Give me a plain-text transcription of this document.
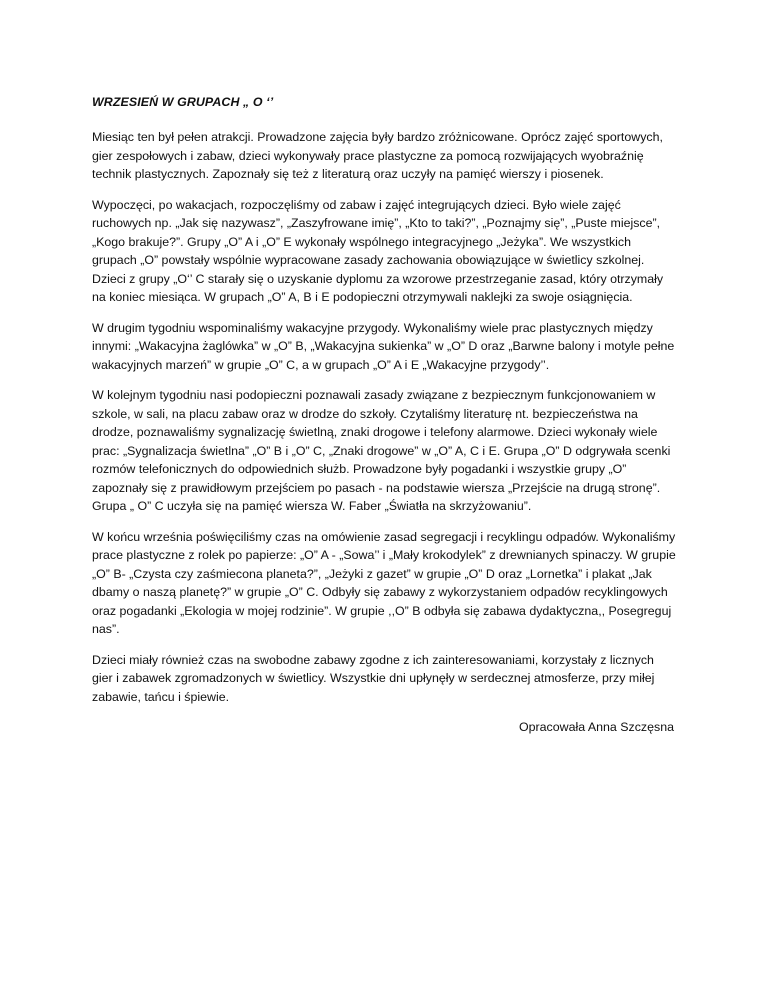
WRZESIEŃ W GRUPACH „ O ‘’

Miesiąc ten był pełen atrakcji. Prowadzone zajęcia były bardzo zróżnicowane. Oprócz zajęć sportowych, gier zespołowych i zabaw, dzieci wykonywały prace plastyczne za pomocą rozwijających wyobraźnię technik plastycznych. Zapoznały się też z literaturą oraz uczyły na pamięć wierszy i piosenek.

Wypoczęci, po wakacjach, rozpoczęliśmy od zabaw i zajęć integrujących dzieci. Było wiele zajęć ruchowych np. „Jak się nazywasz”, „Zaszyfrowane imię”, „Kto to taki?”, „Poznajmy się”, „Puste miejsce”, „Kogo brakuje?”. Grupy „O” A i „O” E wykonały wspólnego integracyjnego „Jeżyka”. We wszystkich grupach „O” powstały wspólnie wypracowane zasady zachowania obowiązujące w świetlicy szkolnej. Dzieci z grupy „O‘’ C starały się o uzyskanie dyplomu za wzorowe przestrzeganie zasad, który otrzymały na koniec miesiąca. W grupach „O” A, B i E podopieczni otrzymywali naklejki za swoje osiągnięcia.

W drugim tygodniu wspominaliśmy wakacyjne przygody. Wykonaliśmy wiele prac plastycznych między innymi: „Wakacyjna żaglówka” w „O” B, „Wakacyjna sukienka” w „O” D oraz „Barwne balony i motyle pełne wakacyjnych marzeń” w grupie „O” C, a w grupach „O” A i E „Wakacyjne przygody’’.

W kolejnym tygodniu nasi podopieczni poznawali zasady związane z bezpiecznym funkcjonowaniem w szkole, w sali, na placu zabaw oraz w drodze do szkoły. Czytaliśmy literaturę nt. bezpieczeństwa na drodze, poznawaliśmy sygnalizację świetlną, znaki drogowe i telefony alarmowe. Dzieci wykonały wiele prac: „Sygnalizacja świetlna” „O” B i „O” C, „Znaki drogowe” w „O” A, C i E. Grupa „O” D odgrywała scenki rozmów telefonicznych do odpowiednich służb. Prowadzone były pogadanki i wszystkie grupy „O” zapoznały się z prawidłowym przejściem po pasach - na podstawie wiersza „Przejście na drugą stronę”. Grupa „ O” C uczyła się na pamięć wiersza W. Faber „Światła na skrzyżowaniu”.

W końcu września poświęciliśmy czas na omówienie zasad segregacji i recyklingu odpadów. Wykonaliśmy prace plastyczne z rolek po papierze: „O” A - „Sowa’’ i „Mały krokodylek” z drewnianych spinaczy. W grupie „O” B- „Czysta czy zaśmiecona planeta?”, „Jeżyki z gazet” w grupie „O” D oraz „Lornetka” i plakat „Jak dbamy o naszą planetę?” w grupie „O” C. Odbyły się zabawy z wykorzystaniem odpadów recyklingowych oraz pogadanki „Ekologia w mojej rodzinie”. W grupie ,,O” B odbyła się zabawa dydaktyczna,, Posegreguj nas”.

Dzieci miały również czas na swobodne zabawy zgodne z ich zainteresowaniami, korzystały z licznych gier i zabawek zgromadzonych w świetlicy. Wszystkie dni upłynęły w serdecznej atmosferze, przy miłej zabawie, tańcu i śpiewie.

Opracowała Anna Szczęsna
